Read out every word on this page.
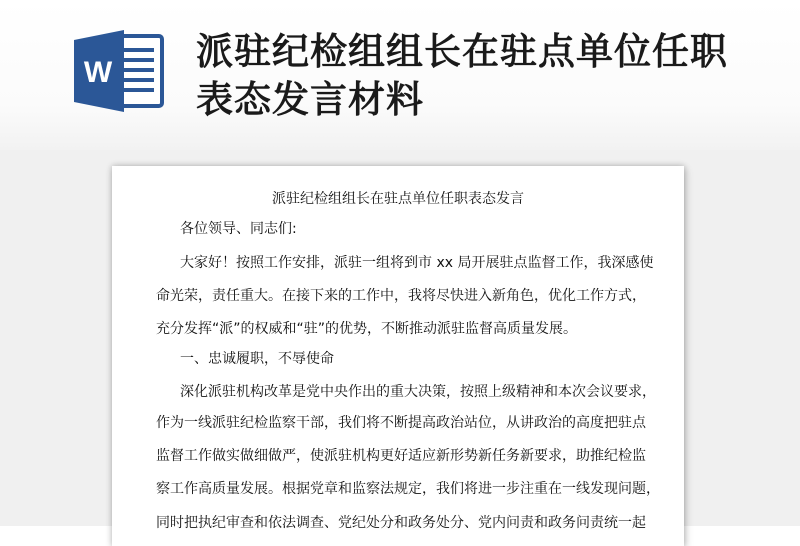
W 派驻纪检组组长在驻点单位任职
表态发言材料

派驻纪检组组长在驻点单位任职表态发言

各位领导、同志们:

大家好！按照工作安排，派驻一组将到市 xx 局开展驻点监督工作，我深感使

命光荣，责任重大。在接下来的工作中，我将尽快进入新角色，优化工作方式，

充分发挥“派”的权威和“驻”的优势，不断推动派驻监督高质量发展。

一、忠诚履职，不辱使命

深化派驻机构改革是党中央作出的重大决策，按照上级精神和本次会议要求，

作为一线派驻纪检监察干部，我们将不断提高政治站位，从讲政治的高度把驻点

监督工作做实做细做严，使派驻机构更好适应新形势新任务新要求，助推纪检监

察工作高质量发展。根据党章和监察法规定，我们将进一步注重在一线发现问题，

同时把执纪审查和依法调查、党纪处分和政务处分、党内问责和政务问责统一起
